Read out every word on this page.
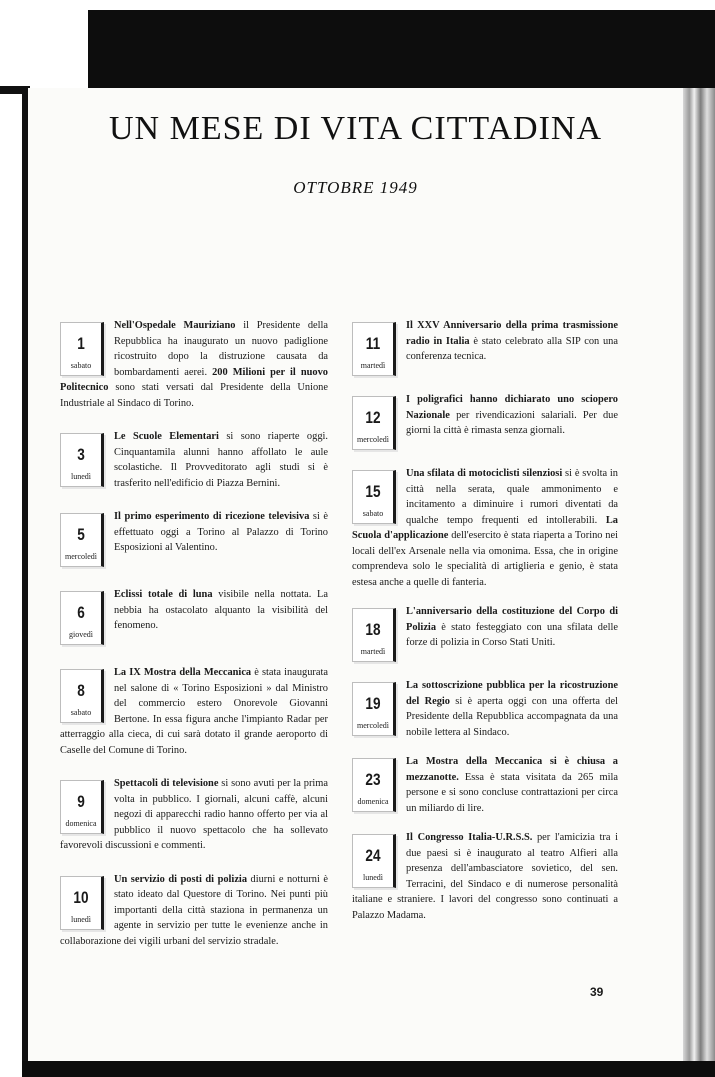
UN MESE DI VITA CITTADINA
OTTOBRE 1949
1
sabato
Nell'Ospedale Mauriziano il Presidente della Repubblica ha inaugurato un nuovo padiglione ricostruito dopo la distruzione causata da bombardamenti aerei. 200 Milioni per il nuovo Politecnico sono stati versati dal Presidente della Unione Industriale al Sindaco di Torino.
3
lunedì
Le Scuole Elementari si sono riaperte oggi. Cinquantamila alunni hanno affollato le aule scolastiche. Il Provveditorato agli studi si è trasferito nell'edificio di Piazza Bernini.
5
mercoledì
Il primo esperimento di ricezione televisiva si è effettuato oggi a Torino al Palazzo di Torino Esposizioni al Valentino.
6
giovedì
Eclissi totale di luna visibile nella nottata. La nebbia ha ostacolato alquanto la visibilità del fenomeno.
8
sabato
La IX Mostra della Meccanica è stata inaugurata nel salone di « Torino Esposizioni » dal Ministro del commercio estero Onorevole Giovanni Bertone. In essa figura anche l'impianto Radar per atterraggio alla cieca, di cui sarà dotato il grande aeroporto di Caselle del Comune di Torino.
9
domenica
Spettacoli di televisione si sono avuti per la prima volta in pubblico. I giornali, alcuni caffè, alcuni negozi di apparecchi radio hanno offerto per via al pubblico il nuovo spettacolo che ha sollevato favorevoli discussioni e commenti.
10
lunedì
Un servizio di posti di polizia diurni e notturni è stato ideato dal Questore di Torino. Nei punti più importanti della città staziona in permanenza un agente in servizio per tutte le evenienze anche in collaborazione dei vigili urbani del servizio stradale.
11
martedì
Il XXV Anniversario della prima trasmissione radio in Italia è stato celebrato alla SIP con una conferenza tecnica.
12
mercoledì
I poligrafici hanno dichiarato uno sciopero Nazionale per rivendicazioni salariali. Per due giorni la città è rimasta senza giornali.
15
sabato
Una sfilata di motociclisti silenziosi si è svolta in città nella serata, quale ammonimento e incitamento a diminuire i rumori diventati da qualche tempo frequenti ed intollerabili. La Scuola d'applicazione dell'esercito è stata riaperta a Torino nei locali dell'ex Arsenale nella via omonima. Essa, che in origine comprendeva solo le specialità di artiglieria e genio, è stata estesa anche a quelle di fanteria.
18
martedì
L'anniversario della costituzione del Corpo di Polizia è stato festeggiato con una sfilata delle forze di polizia in Corso Stati Uniti.
19
mercoledì
La sottoscrizione pubblica per la ricostruzione del Regio si è aperta oggi con una offerta del Presidente della Repubblica accompagnata da una nobile lettera al Sindaco.
23
domenica
La Mostra della Meccanica si è chiusa a mezzanotte. Essa è stata visitata da 265 mila persone e si sono concluse contrattazioni per circa un miliardo di lire.
24
lunedì
Il Congresso Italia-U.R.S.S. per l'amicizia tra i due paesi si è inaugurato al teatro Alfieri alla presenza dell'ambasciatore sovietico, del sen. Terracini, del Sindaco e di numerose personalità italiane e straniere. I lavori del congresso sono continuati a Palazzo Madama.
39
